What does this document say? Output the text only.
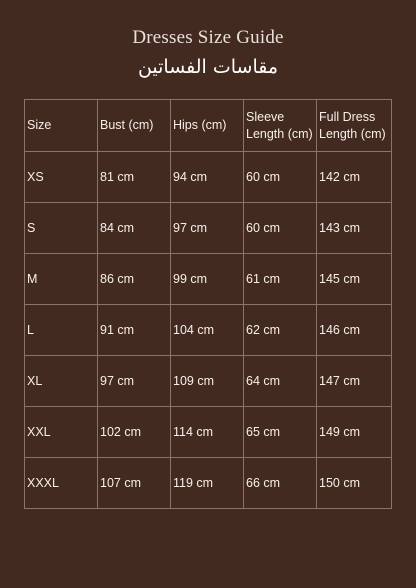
Dresses Size Guide
مقاسات الفساتين
Size	Bust (cm)	Hips (cm)	Sleeve Length (cm)	Full Dress Length (cm)
XS	81 cm	94 cm	60 cm	142 cm
S	84 cm	97 cm	60 cm	143 cm
M	86 cm	99 cm	61 cm	145 cm
L	91 cm	104 cm	62 cm	146 cm
XL	97 cm	109 cm	64 cm	147 cm
XXL	102 cm	114 cm	65 cm	149 cm
XXXL	107 cm	119 cm	66 cm	150 cm
